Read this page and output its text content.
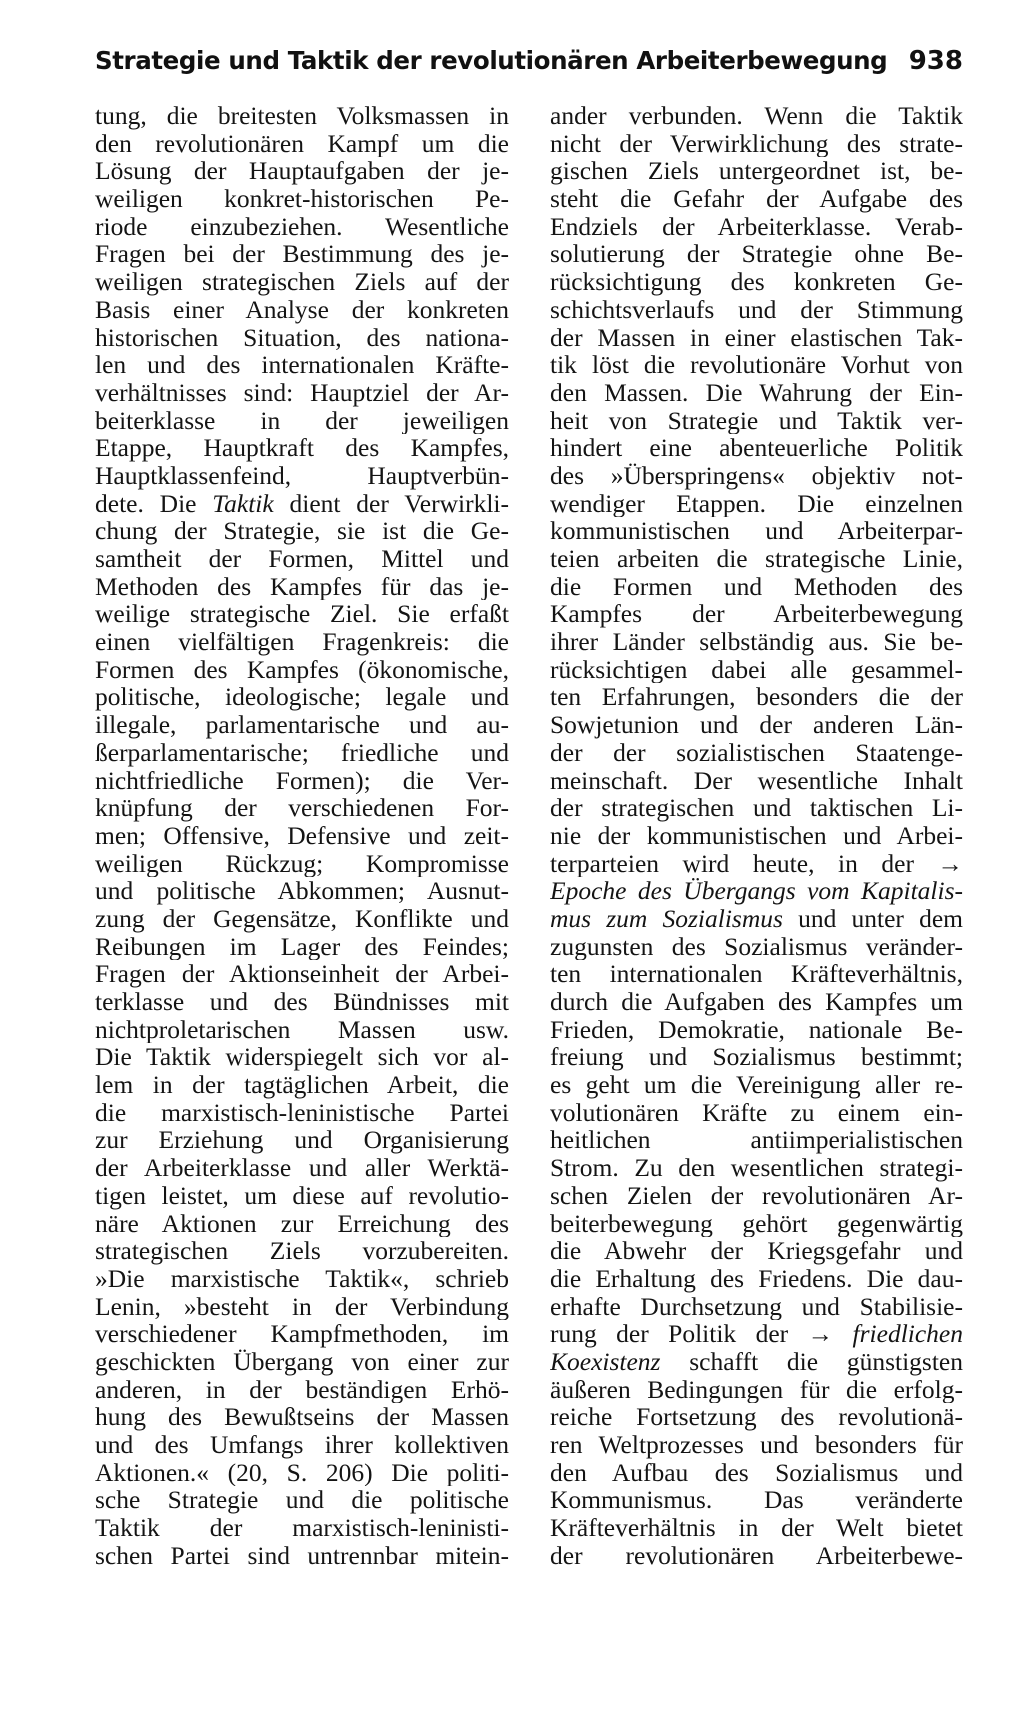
Strategie und Taktik der revolutionären Arbeiterbewegung 938
tung, die breitesten Volksmassen in
den revolutionären Kampf um die
Lösung der Hauptaufgaben der je-
weiligen konkret-historischen Pe-
riode einzubeziehen. Wesentliche
Fragen bei der Bestimmung des je-
weiligen strategischen Ziels auf der
Basis einer Analyse der konkreten
historischen Situation, des nationa-
len und des internationalen Kräfte-
verhältnisses sind: Hauptziel der Ar-
beiterklasse in der jeweiligen
Etappe, Hauptkraft des Kampfes,
Hauptklassenfeind, Hauptverbün-
dete. Die Taktik dient der Verwirkli-
chung der Strategie, sie ist die Ge-
samtheit der Formen, Mittel und
Methoden des Kampfes für das je-
weilige strategische Ziel. Sie erfaßt
einen vielfältigen Fragenkreis: die
Formen des Kampfes (ökonomische,
politische, ideologische; legale und
illegale, parlamentarische und au-
ßerparlamentarische; friedliche und
nichtfriedliche Formen); die Ver-
knüpfung der verschiedenen For-
men; Offensive, Defensive und zeit-
weiligen Rückzug; Kompromisse
und politische Abkommen; Ausnut-
zung der Gegensätze, Konflikte und
Reibungen im Lager des Feindes;
Fragen der Aktionseinheit der Arbei-
terklasse und des Bündnisses mit
nichtproletarischen Massen usw.
Die Taktik widerspiegelt sich vor al-
lem in der tagtäglichen Arbeit, die
die marxistisch-leninistische Partei
zur Erziehung und Organisierung
der Arbeiterklasse und aller Werktä-
tigen leistet, um diese auf revolutio-
näre Aktionen zur Erreichung des
strategischen Ziels vorzubereiten.
»Die marxistische Taktik«, schrieb
Lenin, »besteht in der Verbindung
verschiedener Kampfmethoden, im
geschickten Übergang von einer zur
anderen, in der beständigen Erhö-
hung des Bewußtseins der Massen
und des Umfangs ihrer kollektiven
Aktionen.« (20, S. 206) Die politi-
sche Strategie und die politische
Taktik der marxistisch-leninisti-
schen Partei sind untrennbar mitein-
ander verbunden. Wenn die Taktik
nicht der Verwirklichung des strate-
gischen Ziels untergeordnet ist, be-
steht die Gefahr der Aufgabe des
Endziels der Arbeiterklasse. Verab-
solutierung der Strategie ohne Be-
rücksichtigung des konkreten Ge-
schichtsverlaufs und der Stimmung
der Massen in einer elastischen Tak-
tik löst die revolutionäre Vorhut von
den Massen. Die Wahrung der Ein-
heit von Strategie und Taktik ver-
hindert eine abenteuerliche Politik
des »Überspringens« objektiv not-
wendiger Etappen. Die einzelnen
kommunistischen und Arbeiterpar-
teien arbeiten die strategische Linie,
die Formen und Methoden des
Kampfes der Arbeiterbewegung
ihrer Länder selbständig aus. Sie be-
rücksichtigen dabei alle gesammel-
ten Erfahrungen, besonders die der
Sowjetunion und der anderen Län-
der der sozialistischen Staatenge-
meinschaft. Der wesentliche Inhalt
der strategischen und taktischen Li-
nie der kommunistischen und Arbei-
terparteien wird heute, in der →
Epoche des Übergangs vom Kapitalis-
mus zum Sozialismus und unter dem
zugunsten des Sozialismus veränder-
ten internationalen Kräfteverhältnis,
durch die Aufgaben des Kampfes um
Frieden, Demokratie, nationale Be-
freiung und Sozialismus bestimmt;
es geht um die Vereinigung aller re-
volutionären Kräfte zu einem ein-
heitlichen antiimperialistischen
Strom. Zu den wesentlichen strategi-
schen Zielen der revolutionären Ar-
beiterbewegung gehört gegenwärtig
die Abwehr der Kriegsgefahr und
die Erhaltung des Friedens. Die dau-
erhafte Durchsetzung und Stabilisie-
rung der Politik der → friedlichen
Koexistenz schafft die günstigsten
äußeren Bedingungen für die erfolg-
reiche Fortsetzung des revolutionä-
ren Weltprozesses und besonders für
den Aufbau des Sozialismus und
Kommunismus. Das veränderte
Kräfteverhältnis in der Welt bietet
der revolutionären Arbeiterbewe-
